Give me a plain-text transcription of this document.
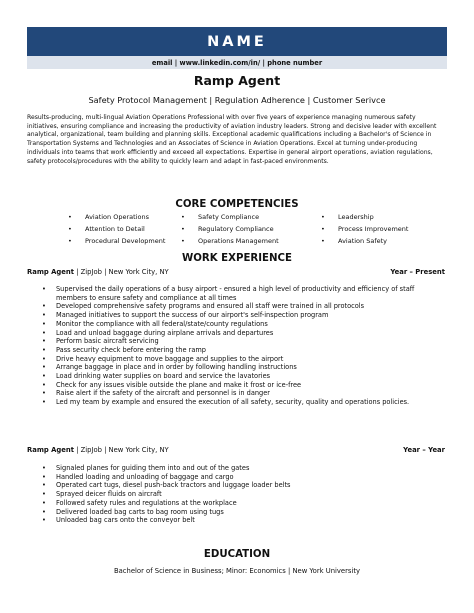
NAME
email | www.linkedin.com/in/ | phone number
Ramp Agent
Safety Protocol Management | Regulation Adherence | Customer Serivce
Results-producing, multi-lingual Aviation Operations Professional with over five years of experience managing numerous safety initiatives, ensuring compliance and increasing the productivity of aviation industry leaders. Strong and decisive leader with excellent analytical, organizational, team building and planning skills. Exceptional academic qualifications including a Bachelor's of Science in Transportation Systems and Technologies and an Associates of Science in Aviation Operations. Excel at turning under-producing individuals into teams that work efficiently and exceed all expectations. Expertise in general airport operations, aviation regulations, safety protocols/procedures with the ability to quickly learn and adapt in fast-paced environments.
CORE COMPETENCIES
• Aviation Operations
• Attention to Detail
• Procedural Development
• Safety Compliance
• Regulatory Compliance
• Operations Management
• Leadership
• Process Improvement
• Aviation Safety
WORK EXPERIENCE
Ramp Agent | ZipJob | New York City, NY	Year – Present
• Supervised the daily operations of a busy airport - ensured a high level of productivity and efficiency of staff members to ensure safety and compliance at all times
• Developed comprehensive safety programs and ensured all staff were trained in all protocols
• Managed initiatives to support the success of our airport's self-inspection program
• Monitor the compliance with all federal/state/county regulations
• Load and unload baggage during airplane arrivals and departures
• Perform basic aircraft servicing
• Pass security check before entering the ramp
• Drive heavy equipment to move baggage and supplies to the airport
• Arrange baggage in place and in order by following handling instructions
• Load drinking water supplies on board and service the lavatories
• Check for any issues visible outside the plane and make it frost or ice-free
• Raise alert if the safety of the aircraft and personnel is in danger
• Led my team by example and ensured the execution of all safety, security, quality and operations policies.
Ramp Agent | ZipJob | New York City, NY	Year – Year
• Signaled planes for guiding them into and out of the gates
• Handled loading and unloading of baggage and cargo
• Operated cart tugs, diesel push-back tractors and luggage loader belts
• Sprayed deicer fluids on aircraft
• Followed safety rules and regulations at the workplace
• Delivered loaded bag carts to bag room using tugs
• Unloaded bag cars onto the conveyor belt
EDUCATION
Bachelor of Science in Business; Minor: Economics | New York University
